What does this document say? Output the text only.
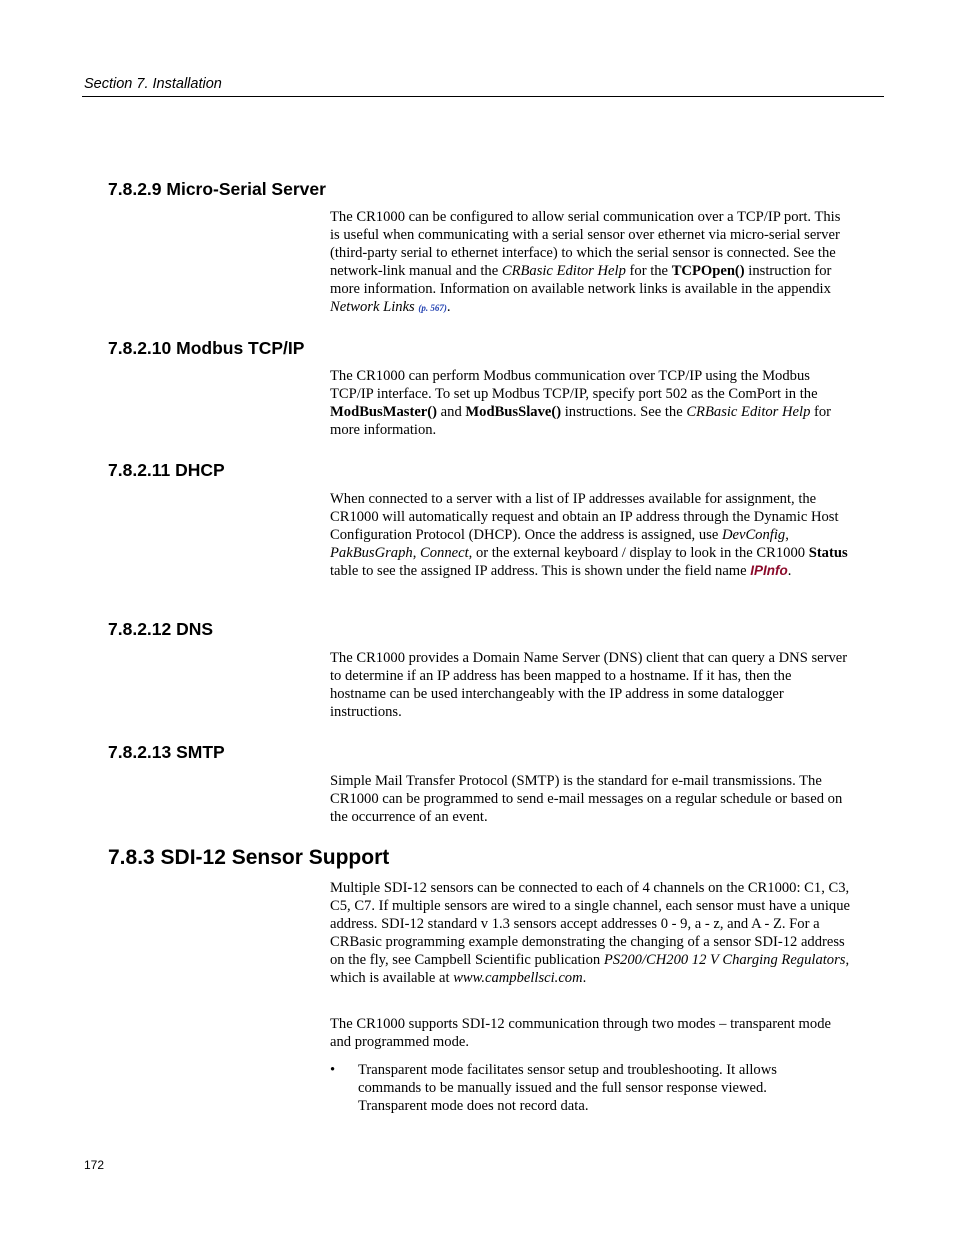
Section 7. Installation
7.8.2.9 Micro-Serial Server

The CR1000 can be configured to allow serial communication over a TCP/IP port. This is useful when communicating with a serial sensor over ethernet via micro-serial server (third-party serial to ethernet interface) to which the serial sensor is connected. See the network-link manual and the CRBasic Editor Help for the TCPOpen() instruction for more information. Information on available network links is available in the appendix Network Links (p. 567).

7.8.2.10 Modbus TCP/IP

The CR1000 can perform Modbus communication over TCP/IP using the Modbus TCP/IP interface. To set up Modbus TCP/IP, specify port 502 as the ComPort in the ModBusMaster() and ModBusSlave() instructions. See the CRBasic Editor Help for more information.

7.8.2.11 DHCP

When connected to a server with a list of IP addresses available for assignment, the CR1000 will automatically request and obtain an IP address through the Dynamic Host Configuration Protocol (DHCP). Once the address is assigned, use DevConfig, PakBusGraph, Connect, or the external keyboard / display to look in the CR1000 Status table to see the assigned IP address. This is shown under the field name IPInfo.

7.8.2.12 DNS

The CR1000 provides a Domain Name Server (DNS) client that can query a DNS server to determine if an IP address has been mapped to a hostname. If it has, then the hostname can be used interchangeably with the IP address in some datalogger instructions.

7.8.2.13 SMTP

Simple Mail Transfer Protocol (SMTP) is the standard for e-mail transmissions. The CR1000 can be programmed to send e-mail messages on a regular schedule or based on the occurrence of an event.

7.8.3 SDI-12 Sensor Support

Multiple SDI-12 sensors can be connected to each of 4 channels on the CR1000: C1, C3, C5, C7. If multiple sensors are wired to a single channel, each sensor must have a unique address. SDI-12 standard v 1.3 sensors accept addresses 0 - 9, a - z, and A - Z. For a CRBasic programming example demonstrating the changing of a sensor SDI-12 address on the fly, see Campbell Scientific publication PS200/CH200 12 V Charging Regulators, which is available at www.campbellsci.com.

The CR1000 supports SDI-12 communication through two modes – transparent mode and programmed mode.

• Transparent mode facilitates sensor setup and troubleshooting. It allows commands to be manually issued and the full sensor response viewed. Transparent mode does not record data.

172
